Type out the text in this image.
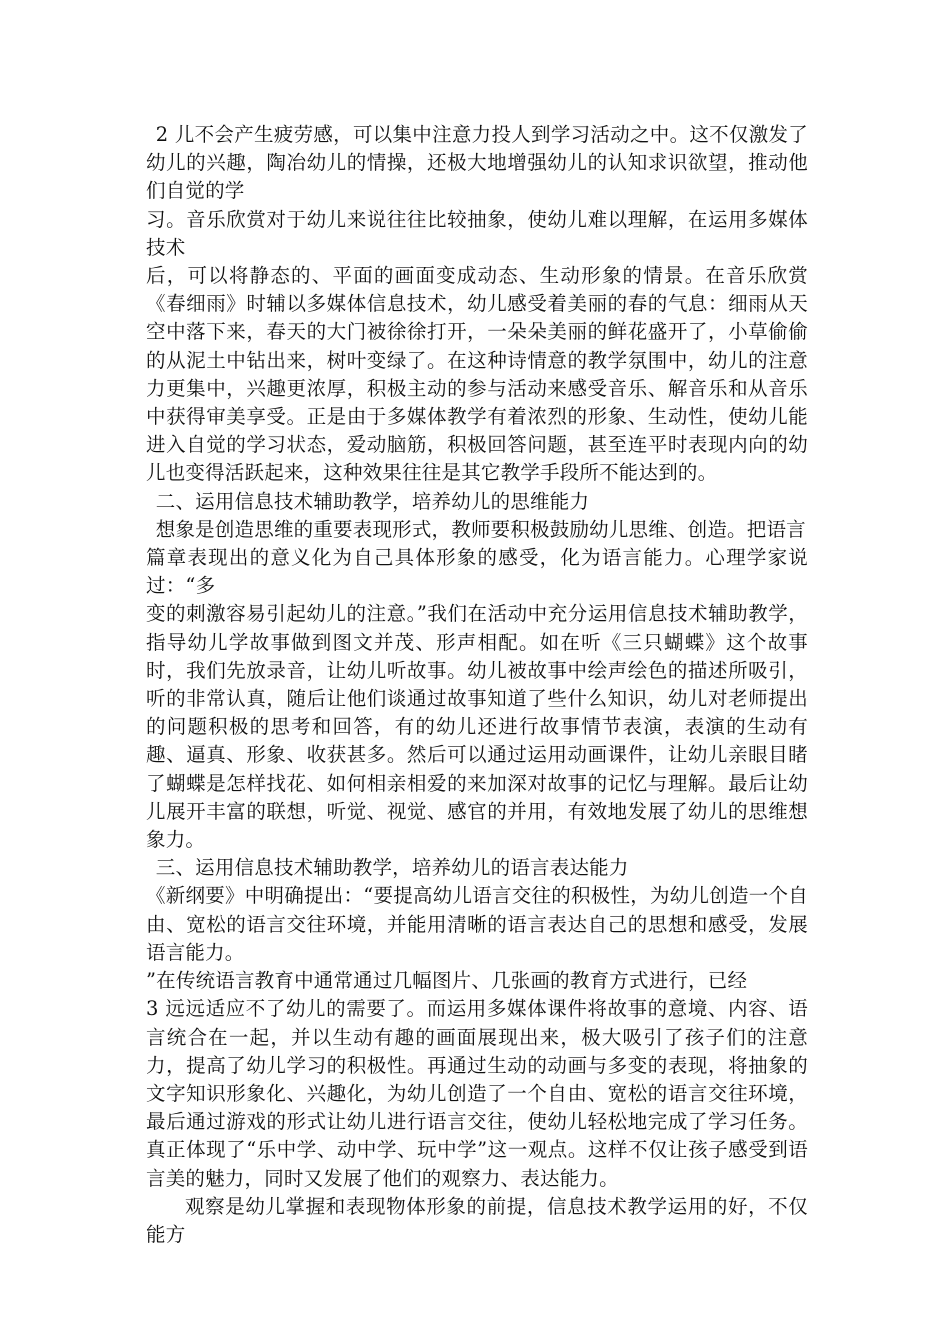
2 儿不会产生疲劳感，可以集中注意力投人到学习活动之中。这不仅激发了幼儿的兴趣，陶冶幼儿的情操，还极大地增强幼儿的认知求识欲望，推动他们自觉的学

习。音乐欣赏对于幼儿来说往往比较抽象，使幼儿难以理解，在运用多媒体技术

后，可以将静态的、平面的画面变成动态、生动形象的情景。在音乐欣赏《春细雨》时辅以多媒体信息技术，幼儿感受着美丽的春的气息：细雨从天空中落下来，春天的大门被徐徐打开，一朵朵美丽的鲜花盛开了，小草偷偷的从泥土中钻出来，树叶变绿了。在这种诗情意的教学氛围中，幼儿的注意力更集中，兴趣更浓厚，积极主动的参与活动来感受音乐、解音乐和从音乐中获得审美享受。正是由于多媒体教学有着浓烈的形象、生动性，使幼儿能进入自觉的学习状态，爱动脑筋，积极回答问题，甚至连平时表现内向的幼儿也变得活跃起来，这种效果往往是其它教学手段所不能达到的。

二、运用信息技术辅助教学，培养幼儿的思维能力

想象是创造思维的重要表现形式，教师要积极鼓励幼儿思维、创造。把语言

篇章表现出的意义化为自己具体形象的感受，化为语言能力。心理学家说过：“多

变的刺激容易引起幼儿的注意。”我们在活动中充分运用信息技术辅助教学，指导幼儿学故事做到图文并茂、形声相配。如在听《三只蝴蝶》这个故事时，我们先放录音，让幼儿听故事。幼儿被故事中绘声绘色的描述所吸引，听的非常认真，随后让他们谈通过故事知道了些什么知识，幼儿对老师提出的问题积极的思考和回答，有的幼儿还进行故事情节表演，表演的生动有趣、逼真、形象、收获甚多。然后可以通过运用动画课件，让幼儿亲眼目睹了蝴蝶是怎样找花、如何相亲相爱的来加深对故事的记忆与理解。最后让幼儿展开丰富的联想，听觉、视觉、感官的并用，有效地发展了幼儿的思维想象力。

三、运用信息技术辅助教学，培养幼儿的语言表达能力

《新纲要》中明确提出：“要提高幼儿语言交往的积极性，为幼儿创造一个自由、宽松的语言交往环境，并能用清晰的语言表达自己的思想和感受，发展语言能力。

”在传统语言教育中通常通过几幅图片、几张画的教育方式进行，已经

3 远远适应不了幼儿的需要了。而运用多媒体课件将故事的意境、内容、语言统合在一起，并以生动有趣的画面展现出来，极大吸引了孩子们的注意力，提高了幼儿学习的积极性。再通过生动的动画与多变的表现，将抽象的文字知识形象化、兴趣化，为幼儿创造了一个自由、宽松的语言交往环境，最后通过游戏的形式让幼儿进行语言交往，使幼儿轻松地完成了学习任务。真正体现了“乐中学、动中学、玩中学”这一观点。这样不仅让孩子感受到语言美的魅力，同时又发展了他们的观察力、表达能力。

观察是幼儿掌握和表现物体形象的前提，信息技术教学运用的好，不仅能方
